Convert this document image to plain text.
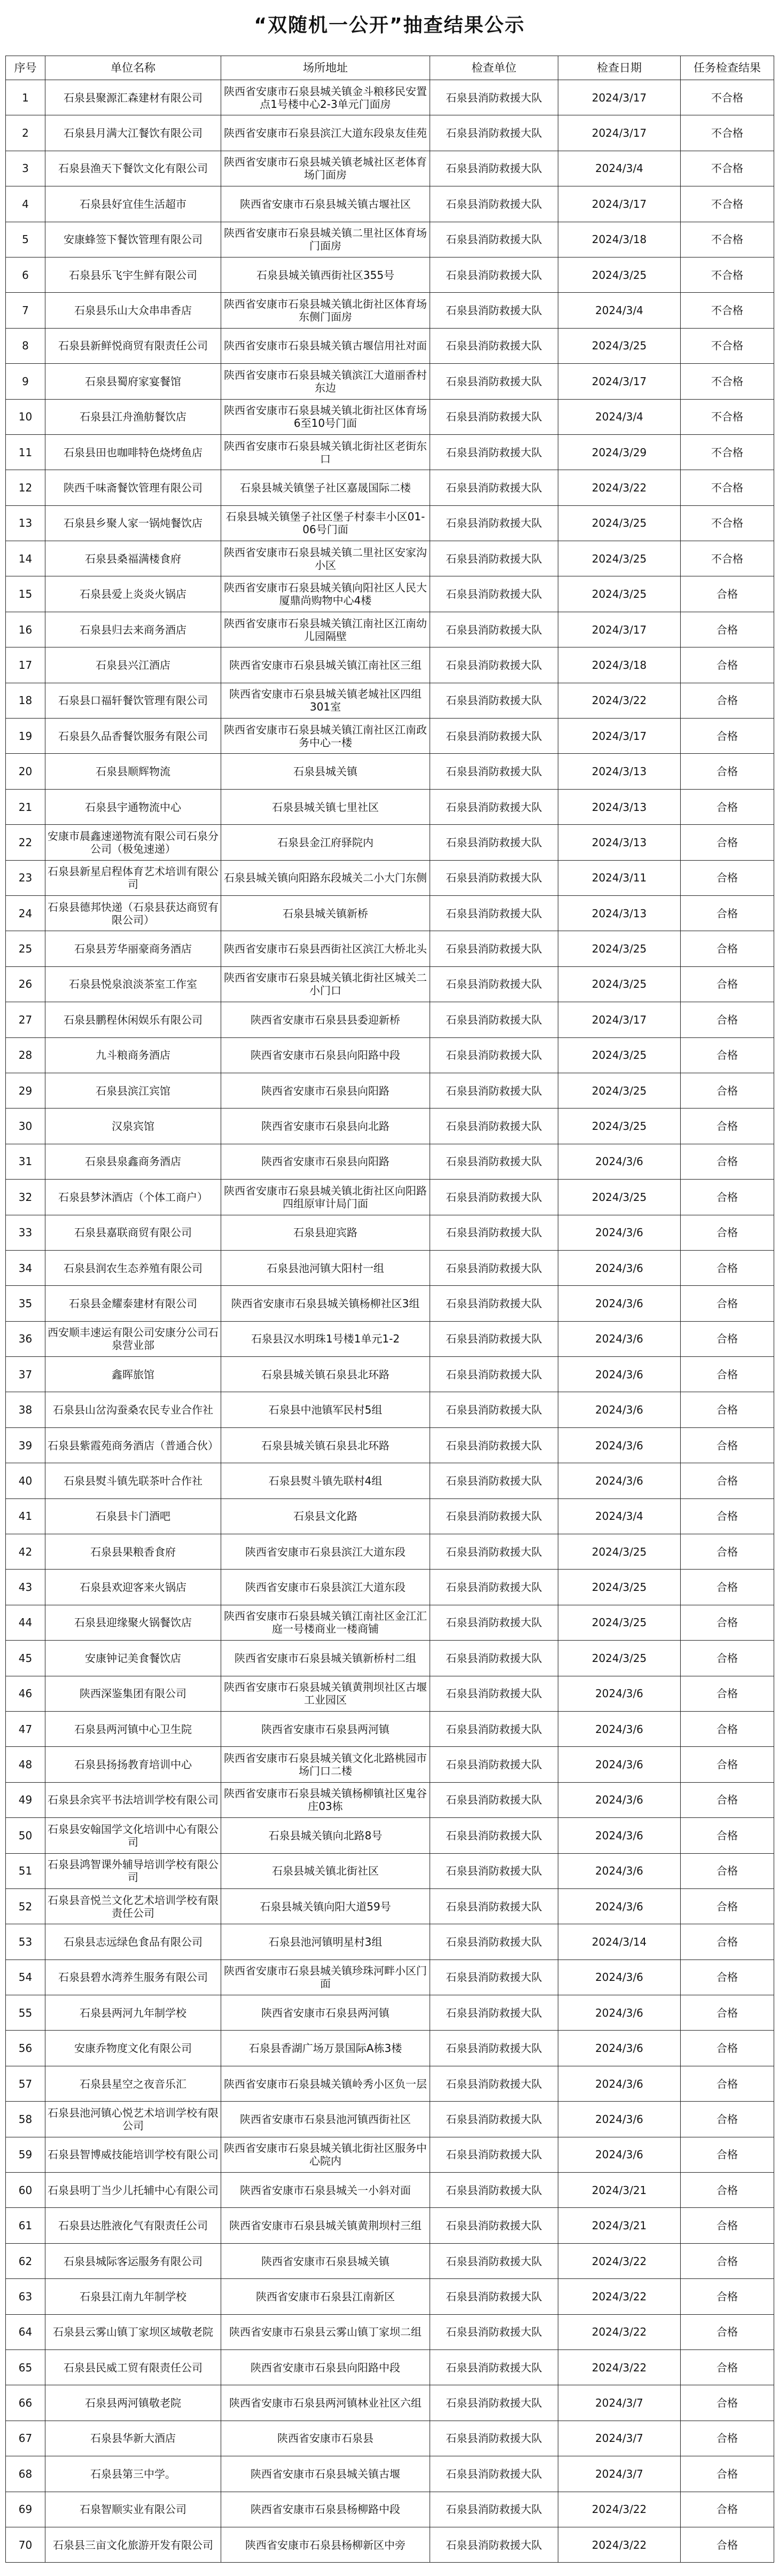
“双随机一公开”抽查结果公示
序号	单位名称	场所地址	检查单位	检查日期	任务检查结果
1	石泉县聚源汇森建材有限公司	陕西省安康市石泉县城关镇金斗粮移民安置点1号楼中心2-3单元门面房	石泉县消防救援大队	2024/3/17	不合格
2	石泉县月满大江餐饮有限公司	陕西省安康市石泉县滨江大道东段泉友佳苑	石泉县消防救援大队	2024/3/17	不合格
3	石泉县渔天下餐饮文化有限公司	陕西省安康市石泉县城关镇老城社区老体育场门面房	石泉县消防救援大队	2024/3/4	不合格
4	石泉县好宜佳生活超市	陕西省安康市石泉县城关镇古堰社区	石泉县消防救援大队	2024/3/17	不合格
5	安康蜂签下餐饮管理有限公司	陕西省安康市石泉县城关镇二里社区体育场门面房	石泉县消防救援大队	2024/3/18	不合格
6	石泉县乐飞宇生鲜有限公司	石泉县城关镇西街社区355号	石泉县消防救援大队	2024/3/25	不合格
7	石泉县乐山大众串串香店	陕西省安康市石泉县城关镇北街社区体育场东侧门面房	石泉县消防救援大队	2024/3/4	不合格
8	石泉县新鲜悦商贸有限责任公司	陕西省安康市石泉县城关镇古堰信用社对面	石泉县消防救援大队	2024/3/25	不合格
9	石泉县蜀府家宴餐馆	陕西省安康市石泉县城关镇滨江大道丽香村东边	石泉县消防救援大队	2024/3/17	不合格
10	石泉县江舟渔舫餐饮店	陕西省安康市石泉县城关镇北街社区体育场6至10号门面	石泉县消防救援大队	2024/3/4	不合格
11	石泉县田也咖啡特色烧烤鱼店	陕西省安康市石泉县城关镇北街社区老街东口	石泉县消防救援大队	2024/3/29	不合格
12	陕西千味斋餐饮管理有限公司	石泉县城关镇堡子社区嘉晟国际二楼	石泉县消防救援大队	2024/3/22	不合格
13	石泉县乡聚人家一锅炖餐饮店	石泉县城关镇堡子社区堡子村泰丰小区01-06号门面	石泉县消防救援大队	2024/3/25	不合格
14	石泉县桑福满楼食府	陕西省安康市石泉县城关镇二里社区安家沟小区	石泉县消防救援大队	2024/3/25	不合格
15	石泉县爱上炎炎火锅店	陕西省安康市石泉县城关镇向阳社区人民大厦鼎尚购物中心4楼	石泉县消防救援大队	2024/3/25	合格
16	石泉县归去来商务酒店	陕西省安康市石泉县城关镇江南社区江南幼儿园隔壁	石泉县消防救援大队	2024/3/17	合格
17	石泉县兴江酒店	陕西省安康市石泉县城关镇江南社区三组	石泉县消防救援大队	2024/3/18	合格
18	石泉县口福轩餐饮管理有限公司	陕西省安康市石泉县城关镇老城社区四组301室	石泉县消防救援大队	2024/3/22	合格
19	石泉县久品香餐饮服务有限公司	陕西省安康市石泉县城关镇江南社区江南政务中心一楼	石泉县消防救援大队	2024/3/17	合格
20	石泉县顺辉物流	石泉县城关镇	石泉县消防救援大队	2024/3/13	合格
21	石泉县宇通物流中心	石泉县城关镇七里社区	石泉县消防救援大队	2024/3/13	合格
22	安康市晨鑫速递物流有限公司石泉分公司（极兔速递）	石泉县金江府驿院内	石泉县消防救援大队	2024/3/13	合格
23	石泉县新星启程体育艺术培训有限公司	石泉县城关镇向阳路东段城关二小大门东侧	石泉县消防救援大队	2024/3/11	合格
24	石泉县德邦快递（石泉县获达商贸有限公司）	石泉县城关镇新桥	石泉县消防救援大队	2024/3/13	合格
25	石泉县芳华丽豪商务酒店	陕西省安康市石泉县西街社区滨江大桥北头	石泉县消防救援大队	2024/3/25	合格
26	石泉县悦泉浪淡茶室工作室	陕西省安康市石泉县城关镇北街社区城关二小门口	石泉县消防救援大队	2024/3/25	合格
27	石泉县鹏程休闲娱乐有限公司	陕西省安康市石泉县县委迎新桥	石泉县消防救援大队	2024/3/17	合格
28	九斗粮商务酒店	陕西省安康市石泉县向阳路中段	石泉县消防救援大队	2024/3/25	合格
29	石泉县滨江宾馆	陕西省安康市石泉县向阳路	石泉县消防救援大队	2024/3/25	合格
30	汉泉宾馆	陕西省安康市石泉县向北路	石泉县消防救援大队	2024/3/25	合格
31	石泉县泉鑫商务酒店	陕西省安康市石泉县向阳路	石泉县消防救援大队	2024/3/6	合格
32	石泉县梦沐酒店（个体工商户）	陕西省安康市石泉县城关镇北街社区向阳路四组原审计局门面	石泉县消防救援大队	2024/3/25	合格
33	石泉县嘉联商贸有限公司	石泉县迎宾路	石泉县消防救援大队	2024/3/6	合格
34	石泉县润农生态养殖有限公司	石泉县池河镇大阳村一组	石泉县消防救援大队	2024/3/6	合格
35	石泉县金耀泰建材有限公司	陕西省安康市石泉县城关镇杨柳社区3组	石泉县消防救援大队	2024/3/6	合格
36	西安顺丰速运有限公司安康分公司石泉营业部	石泉县汉水明珠1号楼1单元1-2	石泉县消防救援大队	2024/3/6	合格
37	鑫晖旅馆	石泉县城关镇石泉县北环路	石泉县消防救援大队	2024/3/6	合格
38	石泉县山岔沟蚕桑农民专业合作社	石泉县中池镇军民村5组	石泉县消防救援大队	2024/3/6	合格
39	石泉县紫霞苑商务酒店（普通合伙）	石泉县城关镇石泉县北环路	石泉县消防救援大队	2024/3/6	合格
40	石泉县熨斗镇先联茶叶合作社	石泉县熨斗镇先联村4组	石泉县消防救援大队	2024/3/6	合格
41	石泉县卡门酒吧	石泉县文化路	石泉县消防救援大队	2024/3/4	合格
42	石泉县果粮香食府	陕西省安康市石泉县滨江大道东段	石泉县消防救援大队	2024/3/25	合格
43	石泉县欢迎客来火锅店	陕西省安康市石泉县滨江大道东段	石泉县消防救援大队	2024/3/25	合格
44	石泉县迎缘聚火锅餐饮店	陕西省安康市石泉县城关镇江南社区金江汇庭一号楼商业一楼商铺	石泉县消防救援大队	2024/3/25	合格
45	安康钟记美食餐饮店	陕西省安康市石泉县城关镇新桥村二组	石泉县消防救援大队	2024/3/25	合格
46	陕西深鉴集团有限公司	陕西省安康市石泉县城关镇黄荆坝社区古堰工业园区	石泉县消防救援大队	2024/3/6	合格
47	石泉县两河镇中心卫生院	陕西省安康市石泉县两河镇	石泉县消防救援大队	2024/3/6	合格
48	石泉县扬扬教育培训中心	陕西省安康市石泉县城关镇文化北路桃园市场门口二楼	石泉县消防救援大队	2024/3/6	合格
49	石泉县余宾平书法培训学校有限公司	陕西省安康市石泉县城关镇杨柳镇社区鬼谷庄03栋	石泉县消防救援大队	2024/3/6	合格
50	石泉县安翰国学文化培训中心有限公司	石泉县城关镇向北路8号	石泉县消防救援大队	2024/3/6	合格
51	石泉县鸿智课外辅导培训学校有限公司	石泉县城关镇北街社区	石泉县消防救援大队	2024/3/6	合格
52	石泉县音悦兰文化艺术培训学校有限责任公司	石泉县城关镇向阳大道59号	石泉县消防救援大队	2024/3/6	合格
53	石泉县志远绿色食品有限公司	石泉县池河镇明星村3组	石泉县消防救援大队	2024/3/14	合格
54	石泉县碧水湾养生服务有限公司	陕西省安康市石泉县城关镇珍珠河畔小区门面	石泉县消防救援大队	2024/3/6	合格
55	石泉县两河九年制学校	陕西省安康市石泉县两河镇	石泉县消防救援大队	2024/3/6	合格
56	安康乔物度文化有限公司	石泉县香湖广场万景国际A栋3楼	石泉县消防救援大队	2024/3/6	合格
57	石泉县星空之夜音乐汇	陕西省安康市石泉县城关镇岭秀小区负一层	石泉县消防救援大队	2024/3/6	合格
58	石泉县池河镇心悦艺术培训学校有限公司	陕西省安康市石泉县池河镇西街社区	石泉县消防救援大队	2024/3/6	合格
59	石泉县智博威技能培训学校有限公司	陕西省安康市石泉县城关镇北街社区服务中心院内	石泉县消防救援大队	2024/3/6	合格
60	石泉县明丁当少儿托辅中心有限公司	陕西省安康市石泉县城关一小斜对面	石泉县消防救援大队	2024/3/21	合格
61	石泉县达胜液化气有限责任公司	陕西省安康市石泉县城关镇黄荆坝村三组	石泉县消防救援大队	2024/3/21	合格
62	石泉县城际客运服务有限公司	陕西省安康市石泉县城关镇	石泉县消防救援大队	2024/3/22	合格
63	石泉县江南九年制学校	陕西省安康市石泉县江南新区	石泉县消防救援大队	2024/3/22	合格
64	石泉县云雾山镇丁家坝区域敬老院	陕西省安康市石泉县云雾山镇丁家坝二组	石泉县消防救援大队	2024/3/22	合格
65	石泉县民威工贸有限责任公司	陕西省安康市石泉县向阳路中段	石泉县消防救援大队	2024/3/22	合格
66	石泉县两河镇敬老院	陕西省安康市石泉县两河镇林业社区六组	石泉县消防救援大队	2024/3/7	合格
67	石泉县华新大酒店	陕西省安康市石泉县	石泉县消防救援大队	2024/3/7	合格
68	石泉县第三中学。	陕西省安康市石泉县城关镇古堰	石泉县消防救援大队	2024/3/7	合格
69	石泉智顺实业有限公司	陕西省安康市石泉县杨柳路中段	石泉县消防救援大队	2024/3/22	合格
70	石泉县三亩文化旅游开发有限公司	陕西省安康市石泉县杨柳新区中旁	石泉县消防救援大队	2024/3/22	合格
